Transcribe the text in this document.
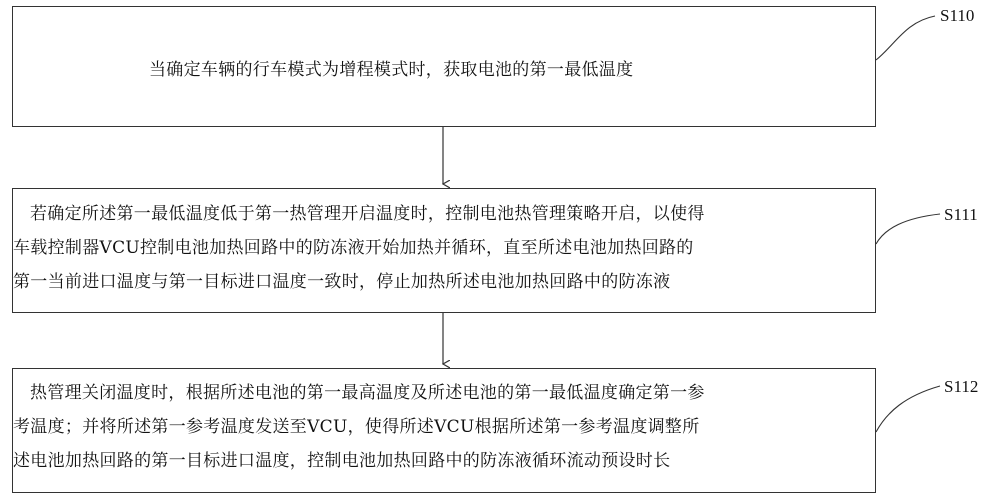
当确定车辆的行车模式为增程模式时，获取电池的第一最低温度
S110
若确定所述第一最低温度低于第一热管理开启温度时，控制电池热管理策略开启，以使得
车载控制器VCU控制电池加热回路中的防冻液开始加热并循环，直至所述电池加热回路的
第一当前进口温度与第一目标进口温度一致时，停止加热所述电池加热回路中的防冻液
S111
热管理关闭温度时，根据所述电池的第一最高温度及所述电池的第一最低温度确定第一参
考温度；并将所述第一参考温度发送至VCU，使得所述VCU根据所述第一参考温度调整所
述电池加热回路的第一目标进口温度，控制电池加热回路中的防冻液循环流动预设时长
S112
